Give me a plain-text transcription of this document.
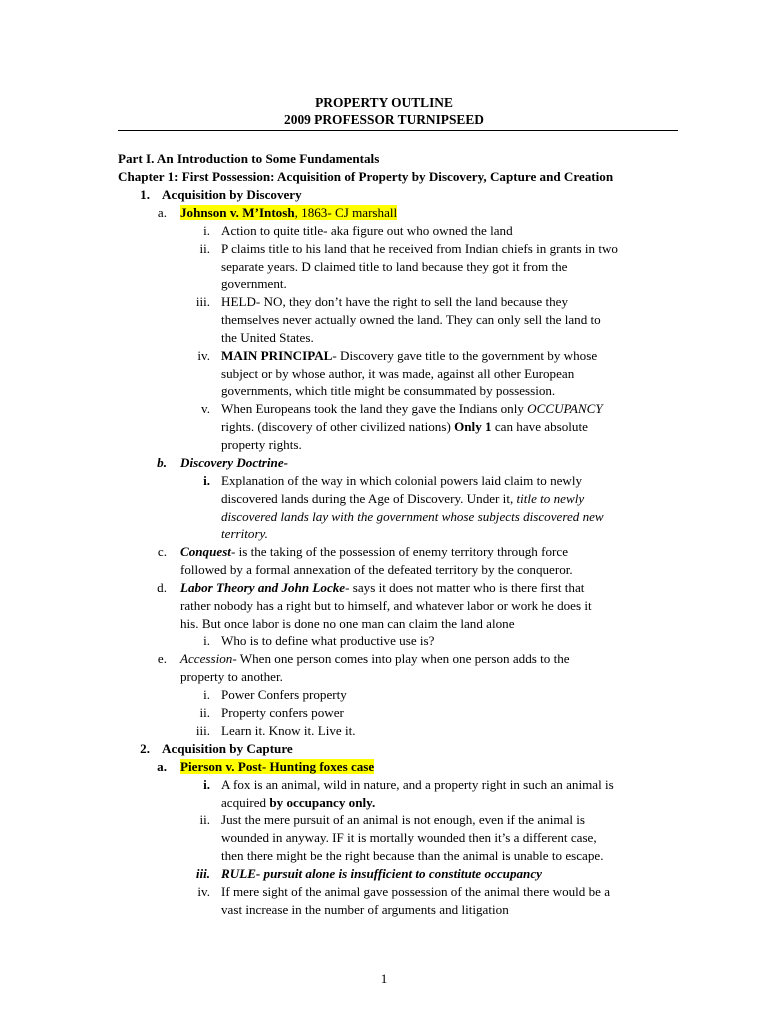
PROPERTY OUTLINE
2009 PROFESSOR TURNIPSEED
Part I. An Introduction to Some Fundamentals
Chapter 1: First Possession: Acquisition of Property by Discovery, Capture and Creation
1. Acquisition by Discovery
a. Johnson v. M’Intosh, 1863- CJ marshall
i. Action to quite title- aka figure out who owned the land
ii. P claims title to his land that he received from Indian chiefs in grants in two
separate years. D claimed title to land because they got it from the
government.
iii. HELD- NO, they don’t have the right to sell the land because they
themselves never actually owned the land. They can only sell the land to
the United States.
iv. MAIN PRINCIPAL- Discovery gave title to the government by whose
subject or by whose author, it was made, against all other European
governments, which title might be consummated by possession.
v. When Europeans took the land they gave the Indians only OCCUPANCY
rights. (discovery of other civilized nations) Only 1 can have absolute
property rights.
b. Discovery Doctrine-
i. Explanation of the way in which colonial powers laid claim to newly
discovered lands during the Age of Discovery. Under it, title to newly
discovered lands lay with the government whose subjects discovered new
territory.
c. Conquest- is the taking of the possession of enemy territory through force
followed by a formal annexation of the defeated territory by the conqueror.
d. Labor Theory and John Locke- says it does not matter who is there first that
rather nobody has a right but to himself, and whatever labor or work he does it
his. But once labor is done no one man can claim the land alone
i. Who is to define what productive use is?
e. Accession- When one person comes into play when one person adds to the
property to another.
i. Power Confers property
ii. Property confers power
iii. Learn it. Know it. Live it.
2. Acquisition by Capture
a. Pierson v. Post- Hunting foxes case
i. A fox is an animal, wild in nature, and a property right in such an animal is
acquired by occupancy only.
ii. Just the mere pursuit of an animal is not enough, even if the animal is
wounded in anyway. IF it is mortally wounded then it’s a different case,
then there might be the right because than the animal is unable to escape.
iii. RULE- pursuit alone is insufficient to constitute occupancy
iv. If mere sight of the animal gave possession of the animal there would be a
vast increase in the number of arguments and litigation
1
